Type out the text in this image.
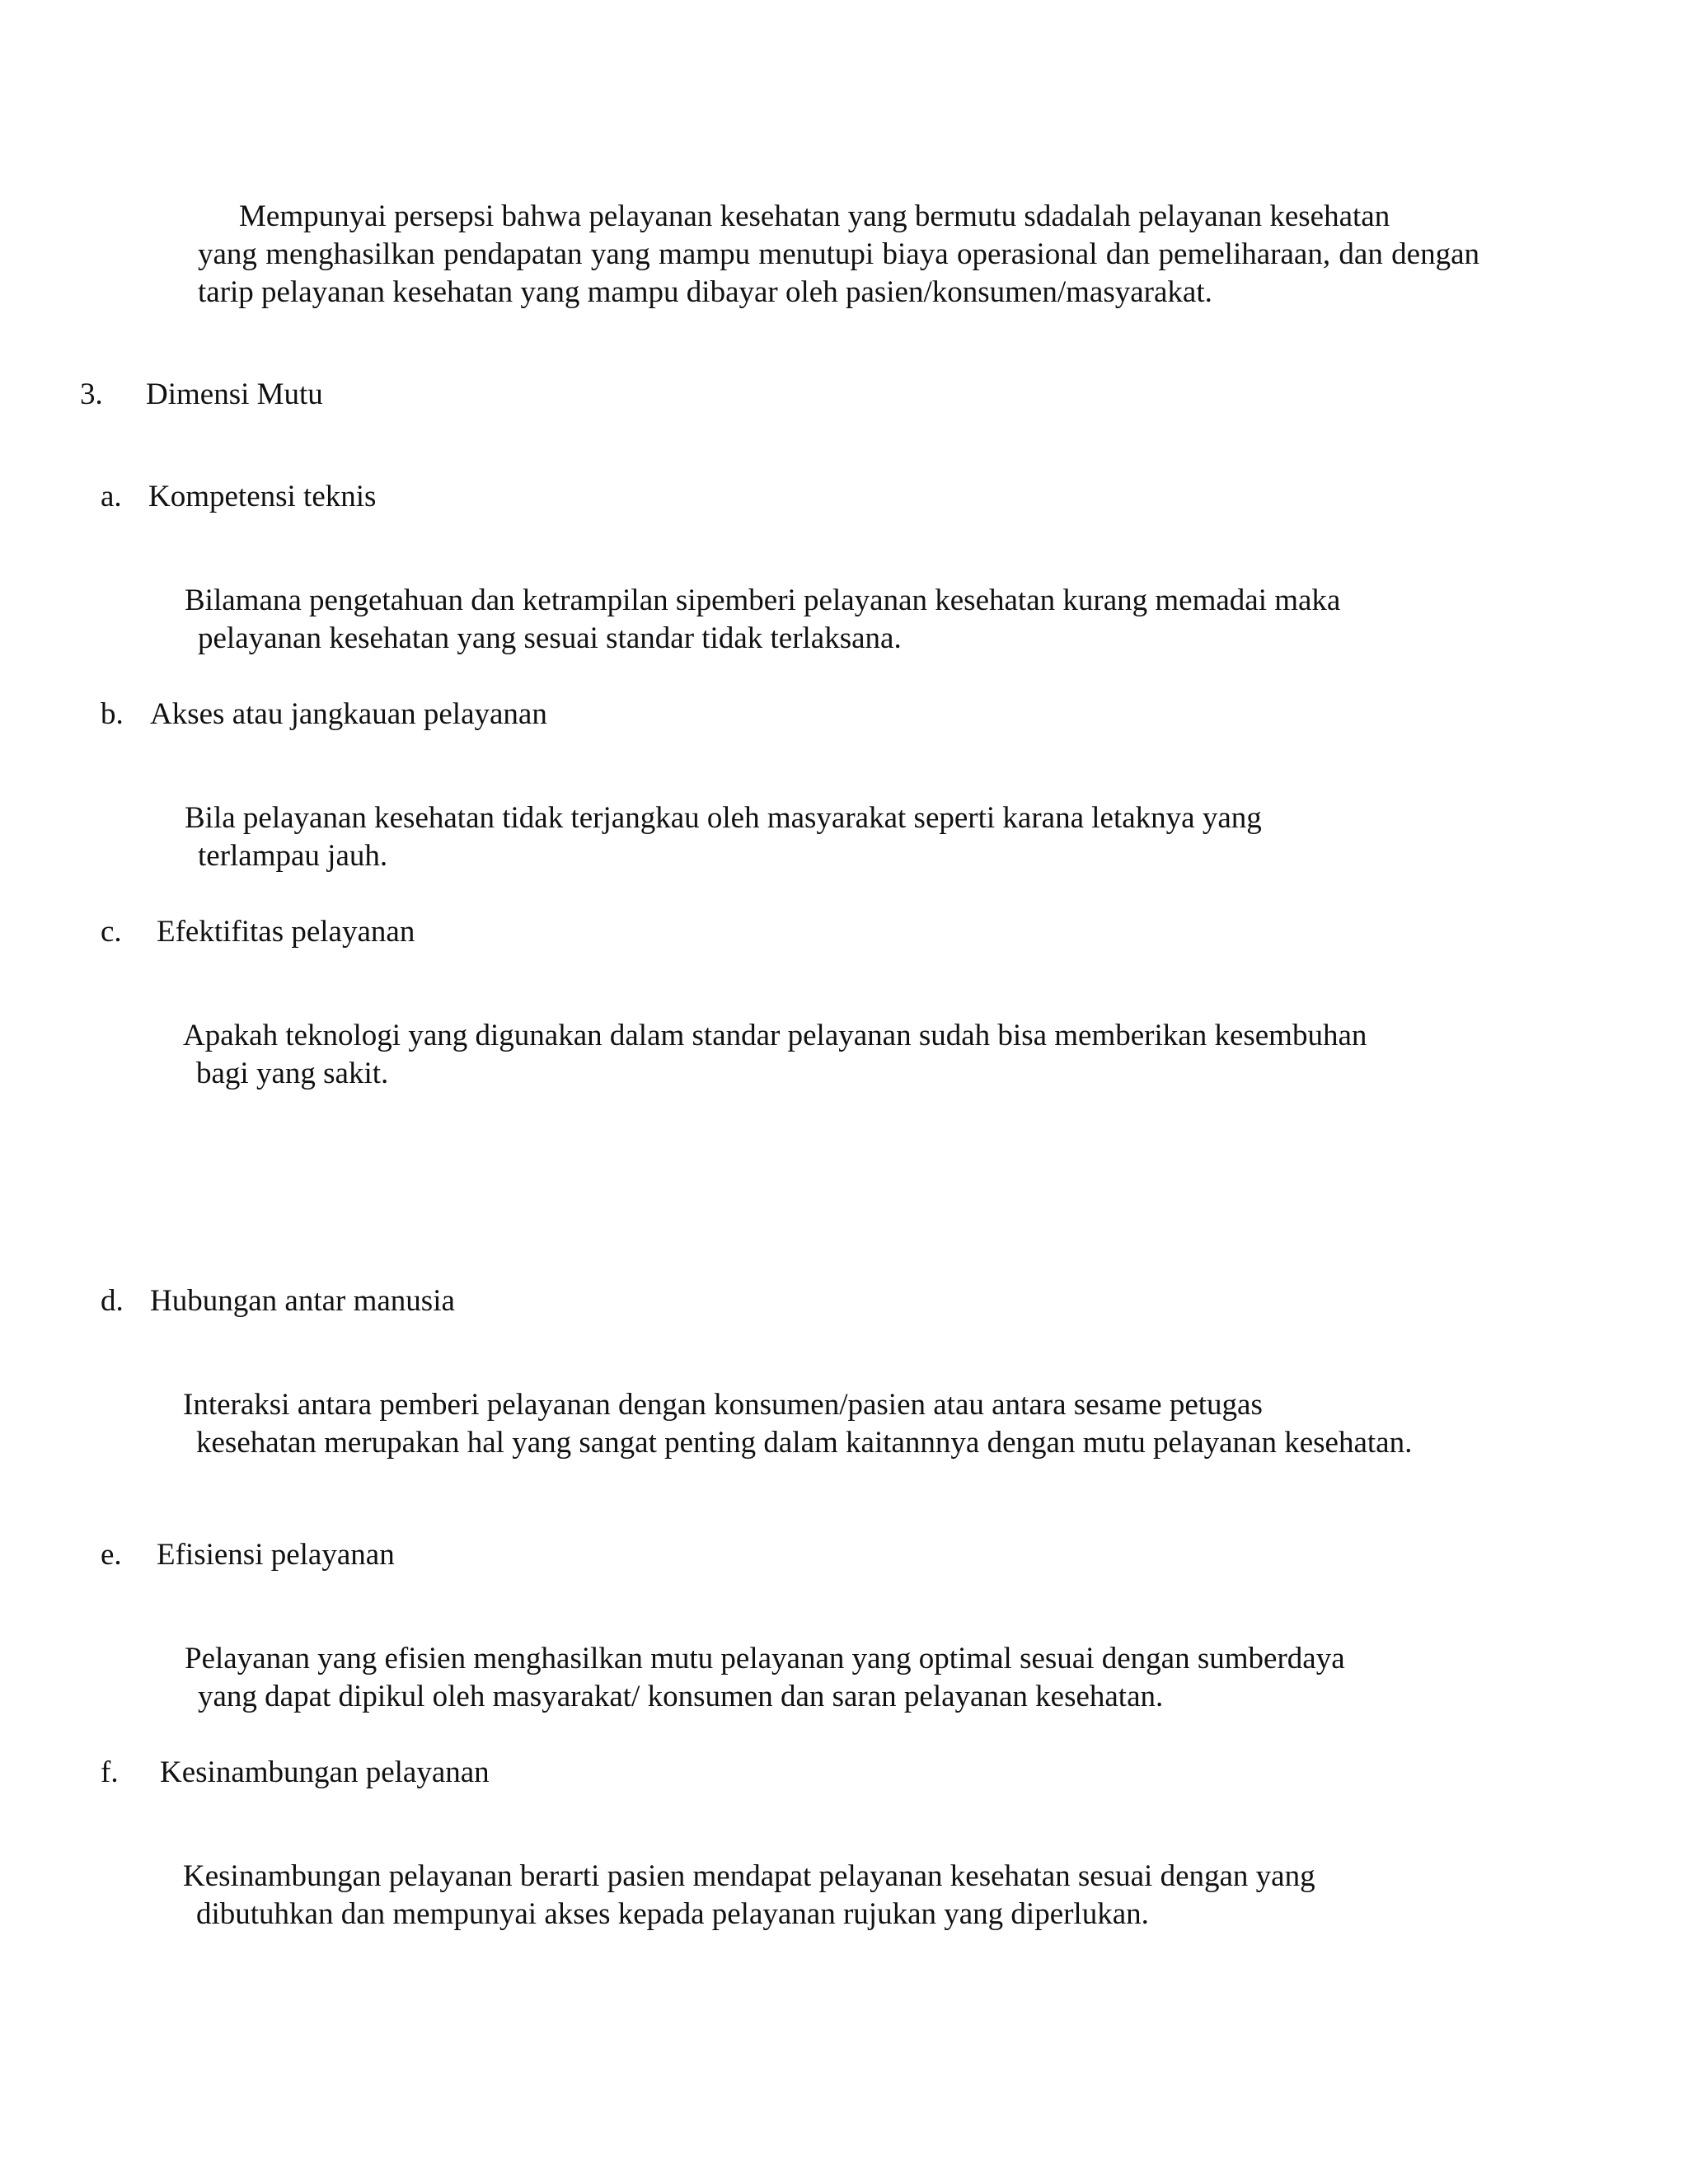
Mempunyai persepsi bahwa pelayanan kesehatan yang bermutu sdadalah pelayanan kesehatan
yang menghasilkan pendapatan yang mampu menutupi biaya operasional dan pemeliharaan, dan dengan tarip pelayanan kesehatan yang mampu dibayar oleh pasien/konsumen/masyarakat.
3. Dimensi Mutu
a. Kompetensi teknis
Bilamana pengetahuan dan ketrampilan sipemberi pelayanan kesehatan kurang memadai maka
pelayanan kesehatan yang sesuai standar tidak terlaksana.
b. Akses atau jangkauan pelayanan
Bila pelayanan kesehatan tidak terjangkau oleh masyarakat seperti karana letaknya yang
terlampau jauh.
c. Efektifitas pelayanan
Apakah teknologi yang digunakan dalam standar pelayanan sudah bisa memberikan kesembuhan
bagi yang sakit.
d. Hubungan antar manusia
Interaksi antara pemberi pelayanan dengan konsumen/pasien atau antara sesame petugas
kesehatan merupakan hal yang sangat penting dalam kaitannnya dengan mutu pelayanan kesehatan.
e. Efisiensi pelayanan
Pelayanan yang efisien menghasilkan mutu pelayanan yang optimal sesuai dengan sumberdaya
yang dapat dipikul oleh masyarakat/ konsumen dan saran pelayanan kesehatan.
f. Kesinambungan pelayanan
Kesinambungan pelayanan berarti pasien mendapat pelayanan kesehatan sesuai dengan yang
dibutuhkan dan mempunyai akses kepada pelayanan rujukan yang diperlukan.
